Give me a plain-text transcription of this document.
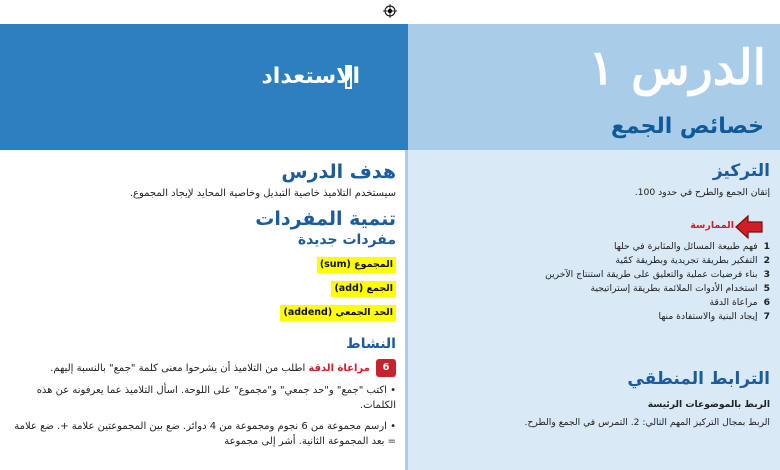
الاستعداد	الدرس ١
خصائص الجمع
هدف الدرس

سيستخدم التلاميذ خاصية التبديل وخاصية المحايد لإيجاد المجموع.

تنمية المفردات
مفردات جديدة
المجموع (sum)
الجمع (add)
الحد الجمعي (addend)
النشاط

6 مراعاة الدقة اطلب من التلاميذ أن يشرحوا معنى كلمة "جمع" بالنسبة إليهم.

• اكتب "جمع" و"حد جمعي" و"مجموع" على اللوحة. اسأل التلاميذ عما يعرفونه عن هذه الكلمات.

• ارسم مجموعة من 6 نجوم ومجموعة من 4 دوائر. ضع بين المجموعتين علامة +. ضع علامة = بعد المجموعة الثانية. أشر إلى مجموعة

التركيز

إتقان الجمع والطرح في حدود 100.

الممارسة
1فهم طبيعة المسائل والمثابرة في حلها
2التفكير بطريقة تجريدية وبطريقة كمّية
3بناء فرضيات عملية والتعليق على طريقة استنتاج الآخرين
5استخدام الأدوات الملائمة بطريقة إستراتيجية
6مراعاة الدقة
7إيجاد البنية والاستفادة منها
الترابط المنطقي

الربط بالموضوعات الرئيسة

الربط بمجال التركيز المهم التالي: 2. التمرس في الجمع والطرح.
